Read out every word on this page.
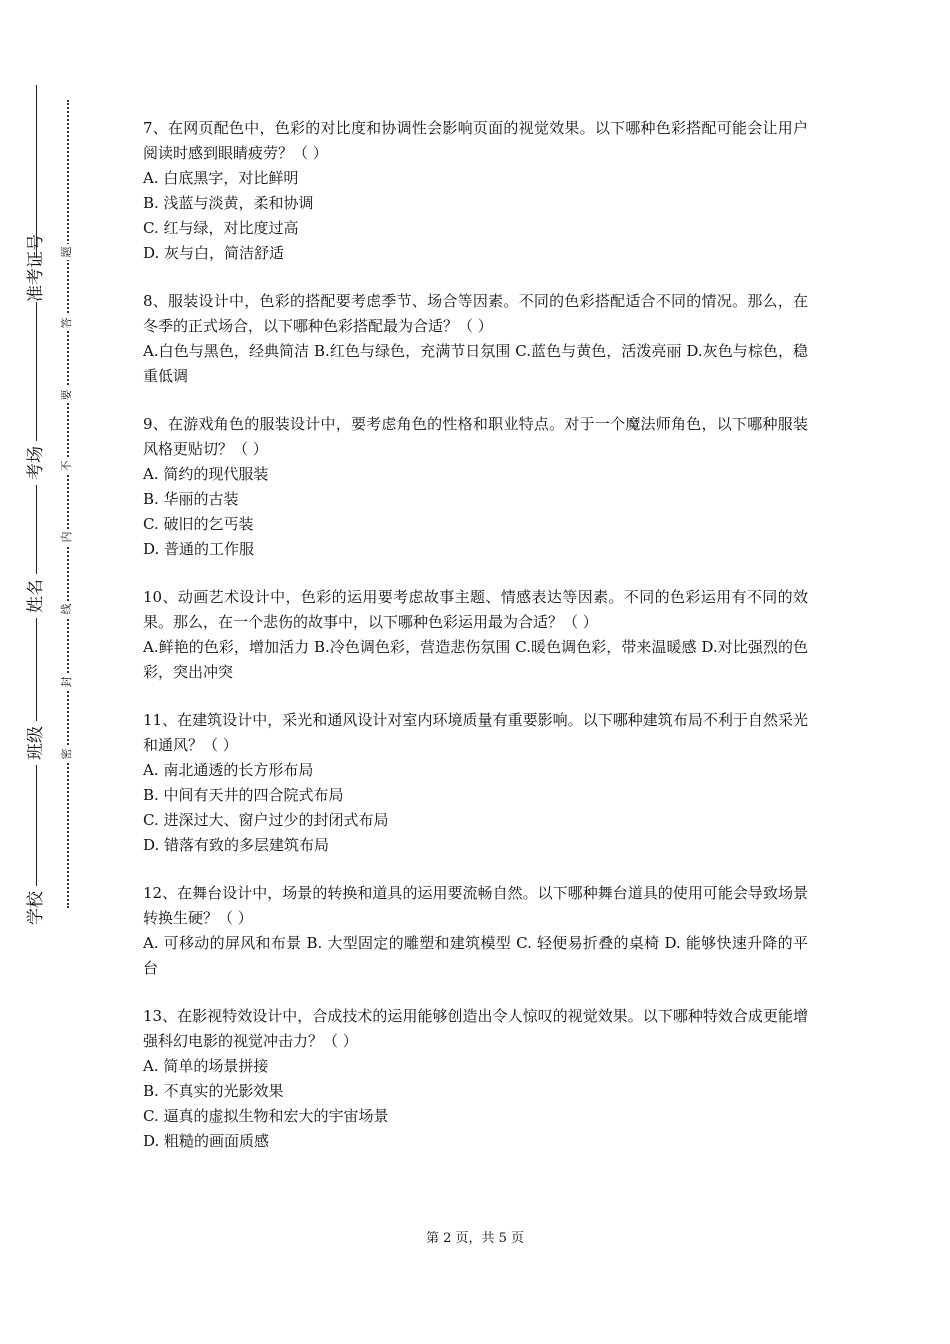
准考证号
考场
姓名
班级
学校
题
答
要
不
内
线
封
密

7、在网页配色中，色彩的对比度和协调性会影响页面的视觉效果。以下哪种色彩搭配可能会让用户阅读时感到眼睛疲劳？（ ）

A. 白底黑字，对比鲜明

B. 浅蓝与淡黄，柔和协调

C. 红与绿，对比度过高

D. 灰与白，简洁舒适

8、服装设计中，色彩的搭配要考虑季节、场合等因素。不同的色彩搭配适合不同的情况。那么，在冬季的正式场合，以下哪种色彩搭配最为合适？（ ）

A.白色与黑色，经典简洁 B.红色与绿色，充满节日氛围 C.蓝色与黄色，活泼亮丽 D.灰色与棕色，稳重低调

9、在游戏角色的服装设计中，要考虑角色的性格和职业特点。对于一个魔法师角色，以下哪种服装风格更贴切？（ ）

A. 简约的现代服装

B. 华丽的古装

C. 破旧的乞丐装

D. 普通的工作服

10、动画艺术设计中，色彩的运用要考虑故事主题、情感表达等因素。不同的色彩运用有不同的效果。那么，在一个悲伤的故事中，以下哪种色彩运用最为合适？（ ）

A.鲜艳的色彩，增加活力 B.冷色调色彩，营造悲伤氛围 C.暖色调色彩，带来温暖感 D.对比强烈的色彩，突出冲突

11、在建筑设计中，采光和通风设计对室内环境质量有重要影响。以下哪种建筑布局不利于自然采光和通风？（ ）

A. 南北通透的长方形布局

B. 中间有天井的四合院式布局

C. 进深过大、窗户过少的封闭式布局

D. 错落有致的多层建筑布局

12、在舞台设计中，场景的转换和道具的运用要流畅自然。以下哪种舞台道具的使用可能会导致场景转换生硬？（ ）

A. 可移动的屏风和布景 B. 大型固定的雕塑和建筑模型 C. 轻便易折叠的桌椅 D. 能够快速升降的平台

13、在影视特效设计中，合成技术的运用能够创造出令人惊叹的视觉效果。以下哪种特效合成更能增强科幻电影的视觉冲击力？（ ）

A. 简单的场景拼接

B. 不真实的光影效果

C. 逼真的虚拟生物和宏大的宇宙场景

D. 粗糙的画面质感

第 2 页，共 5 页
